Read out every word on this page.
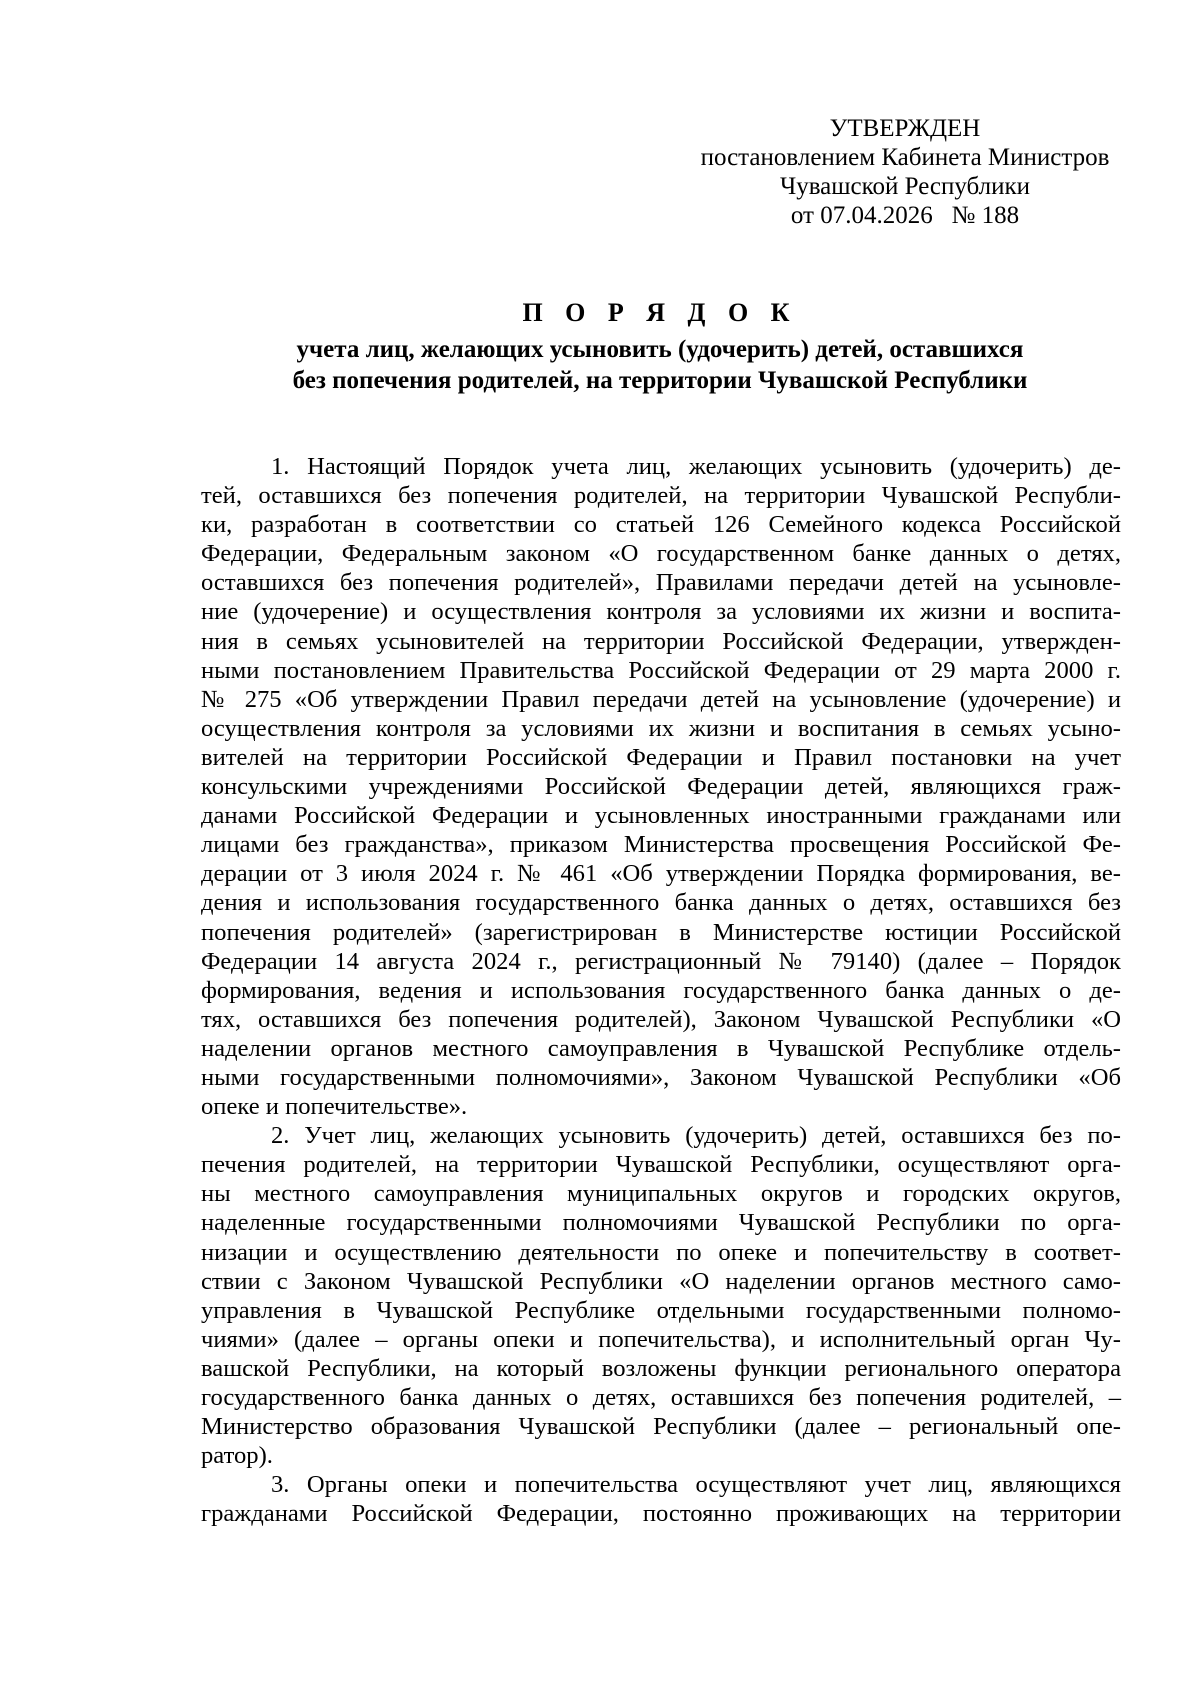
УТВЕРЖДЕН
постановлением Кабинета Министров
Чувашской Республики
от 07.04.2026   № 188
П О Р Я Д О К
учета лиц, желающих усыновить (удочерить) детей, оставшихся
без попечения родителей, на территории Чувашской Республики
1. Настоящий Порядок учета лиц, желающих усыновить (удочерить) де-
тей, оставшихся без попечения родителей, на территории Чувашской Республи-
ки, разработан в соответствии со статьей 126 Семейного кодекса Российской
Федерации, Федеральным законом «О государственном банке данных о детях,
оставшихся без попечения родителей», Правилами передачи детей на усыновле-
ние (удочерение) и осуществления контроля за условиями их жизни и воспита-
ния в семьях усыновителей на территории Российской Федерации, утвержден-
ными постановлением Правительства Российской Федерации от 29 марта 2000 г.
№ 275 «Об утверждении Правил передачи детей на усыновление (удочерение) и
осуществления контроля за условиями их жизни и воспитания в семьях усыно-
вителей на территории Российской Федерации и Правил постановки на учет
консульскими учреждениями Российской Федерации детей, являющихся граж-
данами Российской Федерации и усыновленных иностранными гражданами или
лицами без гражданства», приказом Министерства просвещения Российской Фе-
дерации от 3 июля 2024 г. № 461 «Об утверждении Порядка формирования, ве-
дения и использования государственного банка данных о детях, оставшихся без
попечения родителей» (зарегистрирован в Министерстве юстиции Российской
Федерации 14 августа 2024 г., регистрационный № 79140) (далее – Порядок
формирования, ведения и использования государственного банка данных о де-
тях, оставшихся без попечения родителей), Законом Чувашской Республики «О
наделении органов местного самоуправления в Чувашской Республике отдель-
ными государственными полномочиями», Законом Чувашской Республики «Об
опеке и попечительстве».
2. Учет лиц, желающих усыновить (удочерить) детей, оставшихся без по-
печения родителей, на территории Чувашской Республики, осуществляют орга-
ны местного самоуправления муниципальных округов и городских округов,
наделенные государственными полномочиями Чувашской Республики по орга-
низации и осуществлению деятельности по опеке и попечительству в соответ-
ствии с Законом Чувашской Республики «О наделении органов местного само-
управления в Чувашской Республике отдельными государственными полномо-
чиями» (далее – органы опеки и попечительства), и исполнительный орган Чу-
вашской Республики, на который возложены функции регионального оператора
государственного банка данных о детях, оставшихся без попечения родителей, –
Министерство образования Чувашской Республики (далее – региональный опе-
ратор).
3. Органы опеки и попечительства осуществляют учет лиц, являющихся
гражданами Российской Федерации, постоянно проживающих на территории
